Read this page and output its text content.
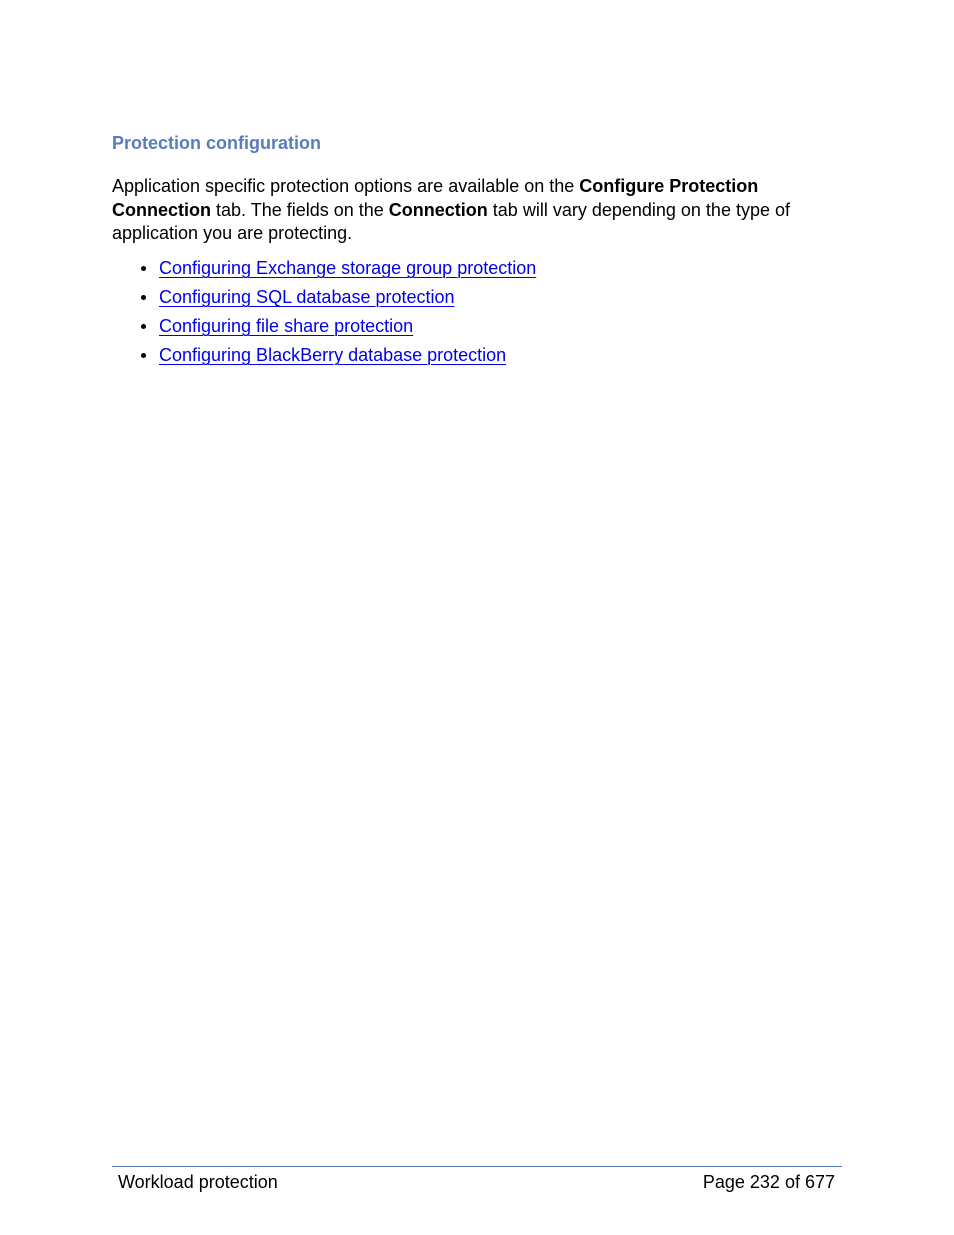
Protection configuration

Application specific protection options are available on the Configure Protection Connection tab. The fields on the Connection tab will vary depending on the type of application you are protecting.

Configuring Exchange storage group protection
Configuring SQL database protection
Configuring file share protection
Configuring BlackBerry database protection
Workload protection	Page 232 of 677
